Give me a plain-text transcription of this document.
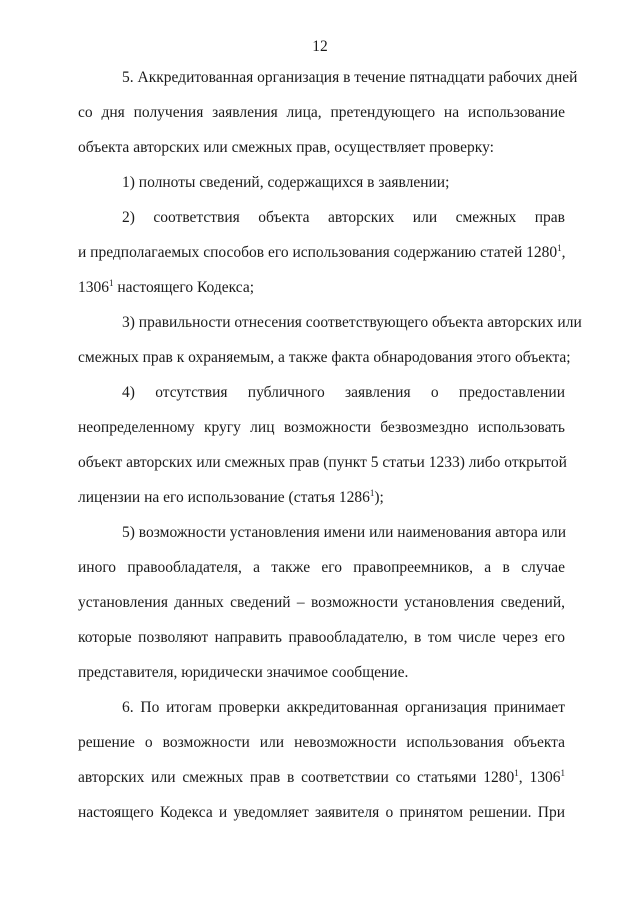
12
5. Аккредитованная организация в течение пятнадцати рабочих дней
со дня получения заявления лица, претендующего на использование
объекта авторских или смежных прав, осуществляет проверку:
1) полноты сведений, содержащихся в заявлении;
2) соответствия объекта авторских или смежных прав
и предполагаемых способов его использования содержанию статей 1280$^1$,
1306$^1$ настоящего Кодекса;
3) правильности отнесения соответствующего объекта авторских или
смежных прав к охраняемым, а также факта обнародования этого объекта;
4) отсутствия публичного заявления о предоставлении
неопределенному кругу лиц возможности безвозмездно использовать
объект авторских или смежных прав (пункт 5 статьи 1233) либо открытой
лицензии на его использование (статья 1286$^1$);
5) возможности установления имени или наименования автора или
иного правообладателя, а также его правопреемников, а в случае
установления данных сведений – возможности установления сведений,
которые позволяют направить правообладателю, в том числе через его
представителя, юридически значимое сообщение.
6. По итогам проверки аккредитованная организация принимает
решение о возможности или невозможности использования объекта
авторских или смежных прав в соответствии со статьями 1280$^1$, 1306$^1$
настоящего Кодекса и уведомляет заявителя о принятом решении. При
